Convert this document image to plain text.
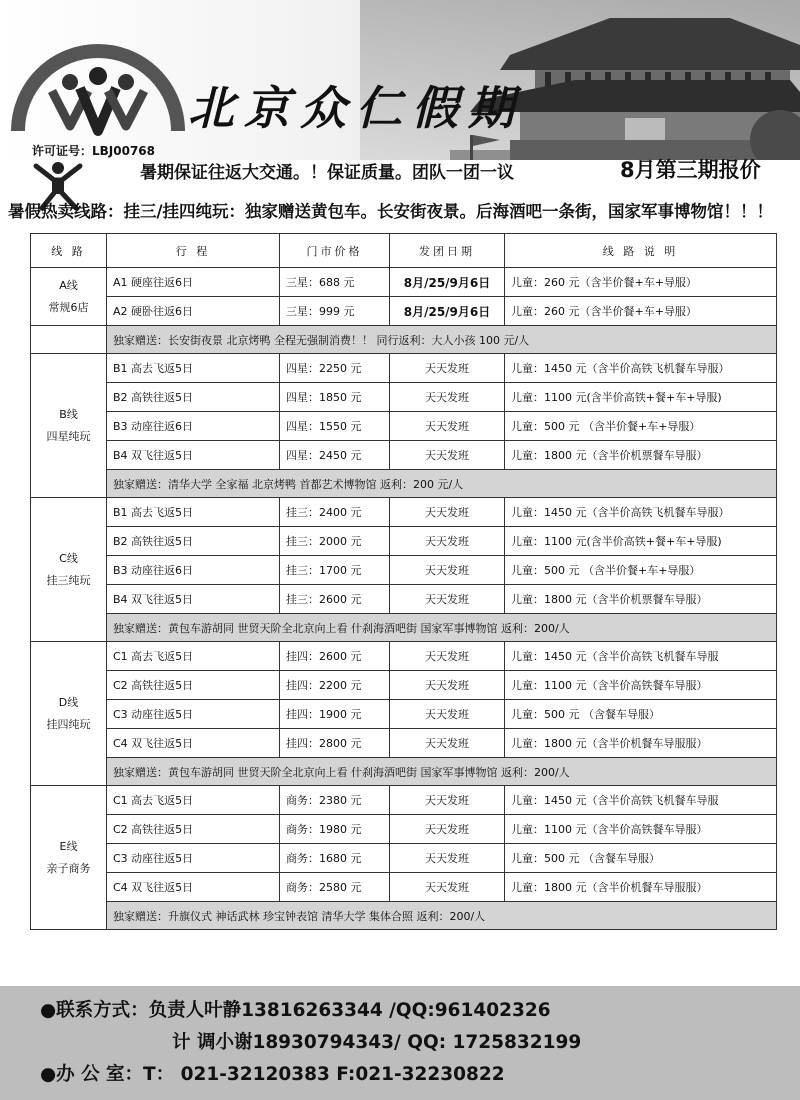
北京众仁假期
许可证号：LBJ00768
暑期保证往返大交通。！保证质量。团队一团一议	8月第三期报价
暑假热卖线路：挂三/挂四纯玩：独家赠送黄包车。长安街夜景。后海酒吧一条街，国家军事博物馆！！！
线 路	行 程	门市价格	发团日期	线 路 说 明
A线
常规6店	A1 硬座往返6日	三星：688 元	8月/25/9月6日	儿童：260 元（含半价餐+车+导服）
	A2 硬卧往返6日	三星：999 元	8月/25/9月6日	儿童：260 元（含半价餐+车+导服）
	独家赠送：长安街夜景 北京烤鸭 全程无强制消费！！ 同行返利：大人小孩 100 元/人			
B线
四星纯玩	B1 高去飞返5日	四星：2250 元	天天发班	儿童：1450 元（含半价高铁飞机餐车导服）
	B2 高铁往返5日	四星：1850 元	天天发班	儿童：1100 元(含半价高铁+餐+车+导服)
	B3 动座往返6日	四星：1550 元	天天发班	儿童：500 元 （含半价餐+车+导服）
	B4 双飞往返5日	四星：2450 元	天天发班	儿童：1800 元（含半价机票餐车导服）
	独家赠送：清华大学 全家福 北京烤鸭 首都艺术博物馆 返利：200 元/人			
C线
挂三纯玩	B1 高去飞返5日	挂三：2400 元	天天发班	儿童：1450 元（含半价高铁飞机餐车导服）
	B2 高铁往返5日	挂三：2000 元	天天发班	儿童：1100 元(含半价高铁+餐+车+导服)
	B3 动座往返6日	挂三：1700 元	天天发班	儿童：500 元 （含半价餐+车+导服）
	B4 双飞往返5日	挂三：2600 元	天天发班	儿童：1800 元（含半价机票餐车导服）
	独家赠送：黄包车游胡同 世贸天阶全北京向上看 什刹海酒吧街 国家军事博物馆 返利：200/人			
D线
挂四纯玩	C1 高去飞返5日	挂四：2600 元	天天发班	儿童：1450 元（含半价高铁飞机餐车导服
	C2 高铁往返5日	挂四：2200 元	天天发班	儿童：1100 元（含半价高铁餐车导服）
	C3 动座往返5日	挂四：1900 元	天天发班	儿童：500 元 （含餐车导服）
	C4 双飞往返5日	挂四：2800 元	天天发班	儿童：1800 元（含半价机餐车导服服）
	独家赠送：黄包车游胡同 世贸天阶全北京向上看 什刹海酒吧街 国家军事博物馆 返利：200/人			
E线
亲子商务	C1 高去飞返5日	商务：2380 元	天天发班	儿童：1450 元（含半价高铁飞机餐车导服
	C2 高铁往返5日	商务：1980 元	天天发班	儿童：1100 元（含半价高铁餐车导服）
	C3 动座往返5日	商务：1680 元	天天发班	儿童：500 元 （含餐车导服）
	C4 双飞往返5日	商务：2580 元	天天发班	儿童：1800 元（含半价机餐车导服服）
	独家赠送：升旗仪式 神话武林 珍宝钟表馆 清华大学 集体合照 返利：200/人			
●联系方式：负责人叶静13816263344 /QQ:961402326
计 调小谢18930794343/ QQ: 1725832199
●办 公 室：T： 021-32120383 F:021-32230822
